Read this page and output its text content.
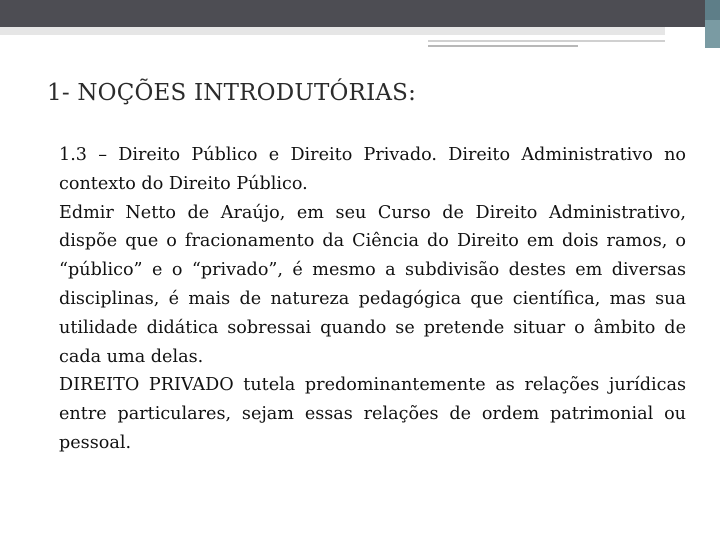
1- NOÇÕES INTRODUTÓRIAS:

1.3 – Direito Público e Direito Privado. Direito Administrativo no contexto do Direito Público.

Edmir Netto de Araújo, em seu Curso de Direito Administrativo, dispõe que o fracionamento da Ciência do Direito em dois ramos, o “público” e o “privado”, é mesmo a subdivisão destes em diversas disciplinas, é mais de natureza pedagógica que científica, mas sua utilidade didática sobressai quando se pretende situar o âmbito de cada uma delas.

DIREITO PRIVADO tutela predominantemente as relações jurídicas entre particulares, sejam essas relações de ordem patrimonial ou pessoal.
